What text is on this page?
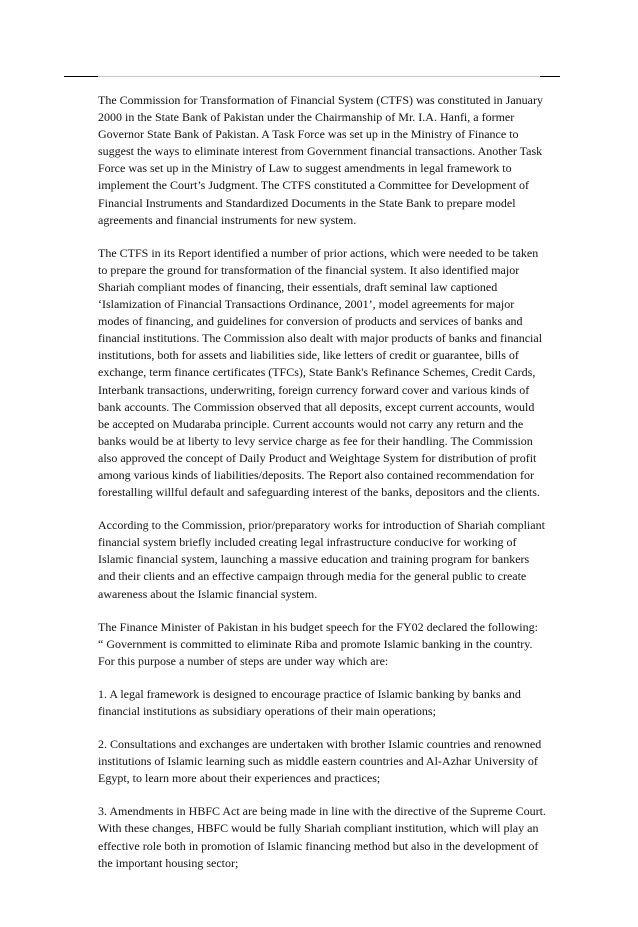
The Commission for Transformation of Financial System (CTFS) was constituted in January 2000 in the State Bank of Pakistan under the Chairmanship of Mr. I.A. Hanfi, a former Governor State Bank of Pakistan. A Task Force was set up in the Ministry of Finance to suggest the ways to eliminate interest from Government financial transactions. Another Task Force was set up in the Ministry of Law to suggest amendments in legal framework to implement the Court’s Judgment. The CTFS constituted a Committee for Development of Financial Instruments and Standardized Documents in the State Bank to prepare model agreements and financial instruments for new system.

The CTFS in its Report identified a number of prior actions, which were needed to be taken to prepare the ground for transformation of the financial system. It also identified major Shariah compliant modes of financing, their essentials, draft seminal law captioned ‘Islamization of Financial Transactions Ordinance, 2001’, model agreements for major modes of financing, and guidelines for conversion of products and services of banks and financial institutions. The Commission also dealt with major products of banks and financial institutions, both for assets and liabilities side, like letters of credit or guarantee, bills of exchange, term finance certificates (TFCs), State Bank's Refinance Schemes, Credit Cards, Interbank transactions, underwriting, foreign currency forward cover and various kinds of bank accounts. The Commission observed that all deposits, except current accounts, would be accepted on Mudaraba principle. Current accounts would not carry any return and the banks would be at liberty to levy service charge as fee for their handling. The Commission also approved the concept of Daily Product and Weightage System for distribution of profit among various kinds of liabilities/deposits. The Report also contained recommendation for forestalling willful default and safeguarding interest of the banks, depositors and the clients.

According to the Commission, prior/preparatory works for introduction of Shariah compliant financial system briefly included creating legal infrastructure conducive for working of Islamic financial system, launching a massive education and training program for bankers and their clients and an effective campaign through media for the general public to create awareness about the Islamic financial system.

The Finance Minister of Pakistan in his budget speech for the FY02 declared the following:

“ Government is committed to eliminate Riba and promote Islamic banking in the country. For this purpose a number of steps are under way which are:

1. A legal framework is designed to encourage practice of Islamic banking by banks and financial institutions as subsidiary operations of their main operations;

2. Consultations and exchanges are undertaken with brother Islamic countries and renowned institutions of Islamic learning such as middle eastern countries and Al-Azhar University of Egypt, to learn more about their experiences and practices;

3. Amendments in HBFC Act are being made in line with the directive of the Supreme Court. With these changes, HBFC would be fully Shariah compliant institution, which will play an effective role both in promotion of Islamic financing method but also in the development of the important housing sector;
